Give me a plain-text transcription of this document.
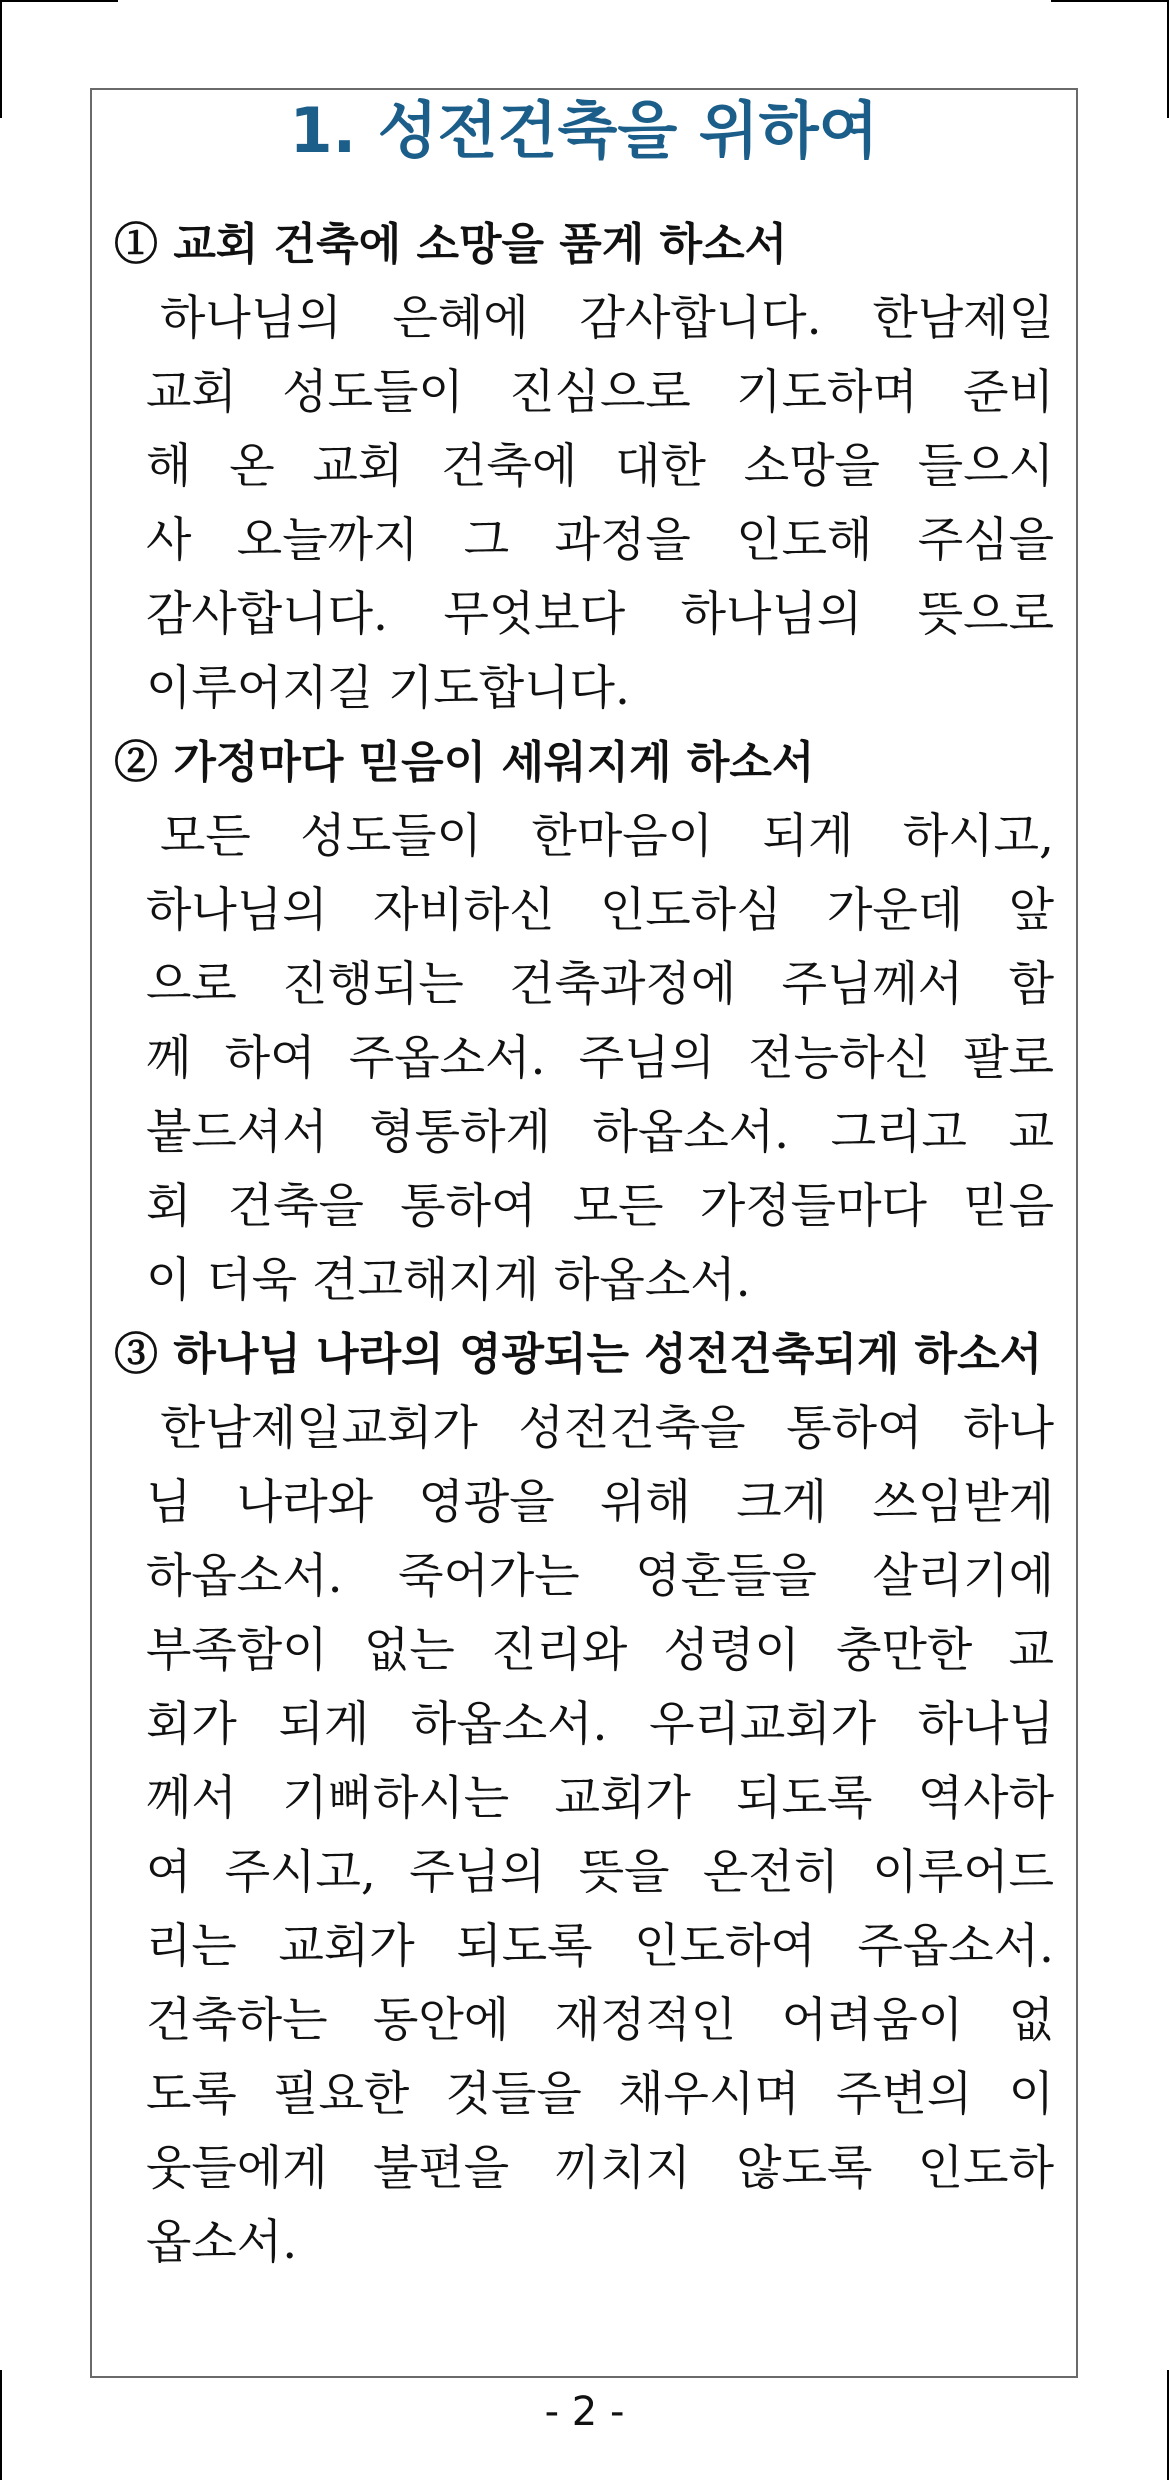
1. 성전건축을 위하여
① 교회 건축에 소망을 품게 하소서

하나님의 은혜에 감사합니다. 한남제일
교회 성도들이 진심으로 기도하며 준비
해 온 교회 건축에 대한 소망을 들으시
사 오늘까지 그 과정을 인도해 주심을
감사합니다. 무엇보다 하나님의 뜻으로
이루어지길 기도합니다.

② 가정마다 믿음이 세워지게 하소서

모든 성도들이 한마음이 되게 하시고,
하나님의 자비하신 인도하심 가운데 앞
으로 진행되는 건축과정에 주님께서 함
께 하여 주옵소서. 주님의 전능하신 팔로
붙드셔서 형통하게 하옵소서. 그리고 교
회 건축을 통하여 모든 가정들마다 믿음
이 더욱 견고해지게 하옵소서.

③ 하나님 나라의 영광되는 성전건축되게 하소서

한남제일교회가 성전건축을 통하여 하나
님 나라와 영광을 위해 크게 쓰임받게
하옵소서. 죽어가는 영혼들을 살리기에
부족함이 없는 진리와 성령이 충만한 교
회가 되게 하옵소서. 우리교회가 하나님
께서 기뻐하시는 교회가 되도록 역사하
여 주시고, 주님의 뜻을 온전히 이루어드
리는 교회가 되도록 인도하여 주옵소서.
건축하는 동안에 재정적인 어려움이 없
도록 필요한 것들을 채우시며 주변의 이
웃들에게 불편을 끼치지 않도록 인도하
옵소서.

- 2 -
